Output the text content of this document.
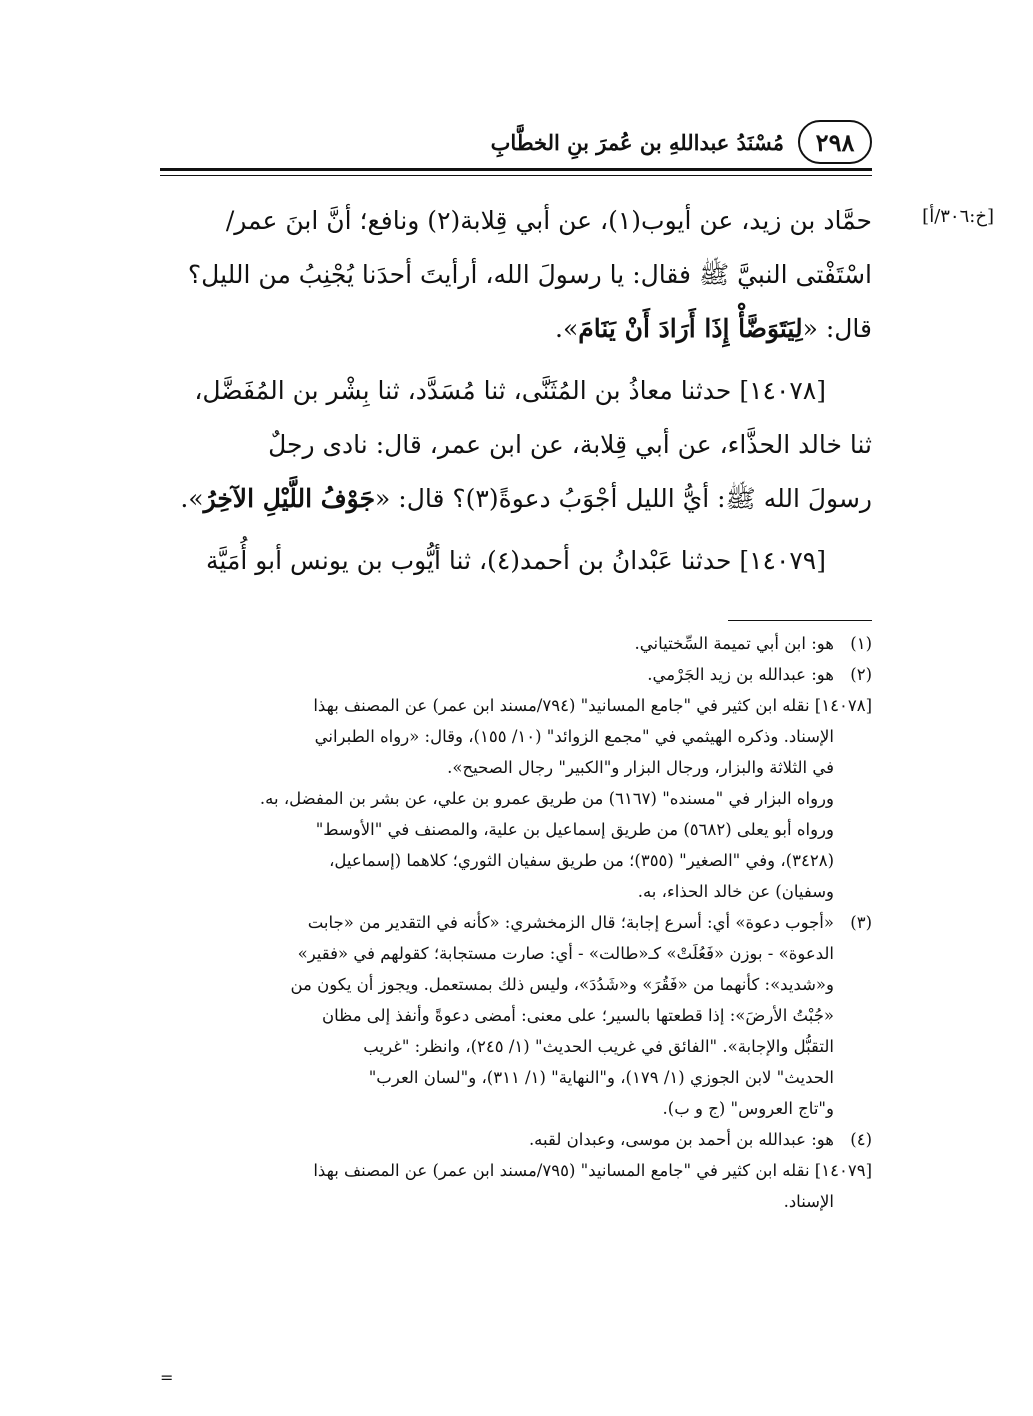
٢٩٨
مُسْنَدُ عبداللهِ بن عُمرَ بنِ الخطَّابِ
[خ:٣٠٦/أ]

حمَّاد بن زيد، عن أيوب(١)، عن أبي قِلابة(٢) ونافع؛ أنَّ ابنَ عمر/

اسْتَفْتى النبيَّ ﷺ فقال: يا رسولَ الله، أرأيتَ أحدَنا يُجْنِبُ من الليل؟

قال: «لِيَتَوَضَّأْ إِذَا أَرَادَ أَنْ يَنَامَ».

[١٤٠٧٨] حدثنا معاذُ بن المُثَنَّى، ثنا مُسَدَّد، ثنا بِشْر بن المُفَضَّل،

ثنا خالد الحذَّاء، عن أبي قِلابة، عن ابن عمر، قال: نادى رجلٌ

رسولَ الله ﷺ: أيُّ الليل أجْوَبُ دعوةً(٣)؟ قال: «جَوْفُ اللَّيْلِ الآخِرُ».

[١٤٠٧٩] حدثنا عَبْدانُ بن أحمد(٤)، ثنا أيُّوب بن يونس أبو أُمَيَّة

(١)
هو: ابن أبي تميمة السِّختياني.
(٢)
هو: عبدالله بن زيد الجَرْمي.
[١٤٠٧٨] نقله ابن كثير في "جامع المسانيد" (٧٩٤/مسند ابن عمر) عن المصنف بهذا
الإسناد. وذكره الهيثمي في "مجمع الزوائد" (١٠/ ١٥٥)، وقال: «رواه الطبراني
في الثلاثة والبزار، ورجال البزار و"الكبير" رجال الصحيح».
ورواه البزار في "مسنده" (٦١٦٧) من طريق عمرو بن علي، عن بشر بن المفضل، به.
ورواه أبو يعلى (٥٦٨٢) من طريق إسماعيل بن علية، والمصنف في "الأوسط"
(٣٤٢٨)، وفي "الصغير" (٣٥٥)؛ من طريق سفيان الثوري؛ كلاهما (إسماعيل،
وسفيان) عن خالد الحذاء، به.
(٣)
«أجوب دعوة» أي: أسرع إجابة؛ قال الزمخشري: «كأنه في التقدير من «جابت
الدعوة» - بوزن «فَعُلَتْ» كـ«طالت» - أي: صارت مستجابة؛ كقولهم في «فقير»
و«شديد»: كأنهما من «فَقُرَ» و«شَدُدَ»، وليس ذلك بمستعمل. ويجوز أن يكون من
«جُبْتُ الأرضَ»: إذا قطعتها بالسير؛ على معنى: أمضى دعوةً وأنفذ إلى مظان
التقبُّل والإجابة». "الفائق في غريب الحديث" (١/ ٢٤٥)، وانظر: "غريب
الحديث" لابن الجوزي (١/ ١٧٩)، و"النهاية" (١/ ٣١١)، و"لسان العرب"
و"تاج العروس" (ج و ب).
(٤)
هو: عبدالله بن أحمد بن موسى، وعبدان لقبه.
[١٤٠٧٩] نقله ابن كثير في "جامع المسانيد" (٧٩٥/مسند ابن عمر) عن المصنف بهذا
الإسناد.
=
